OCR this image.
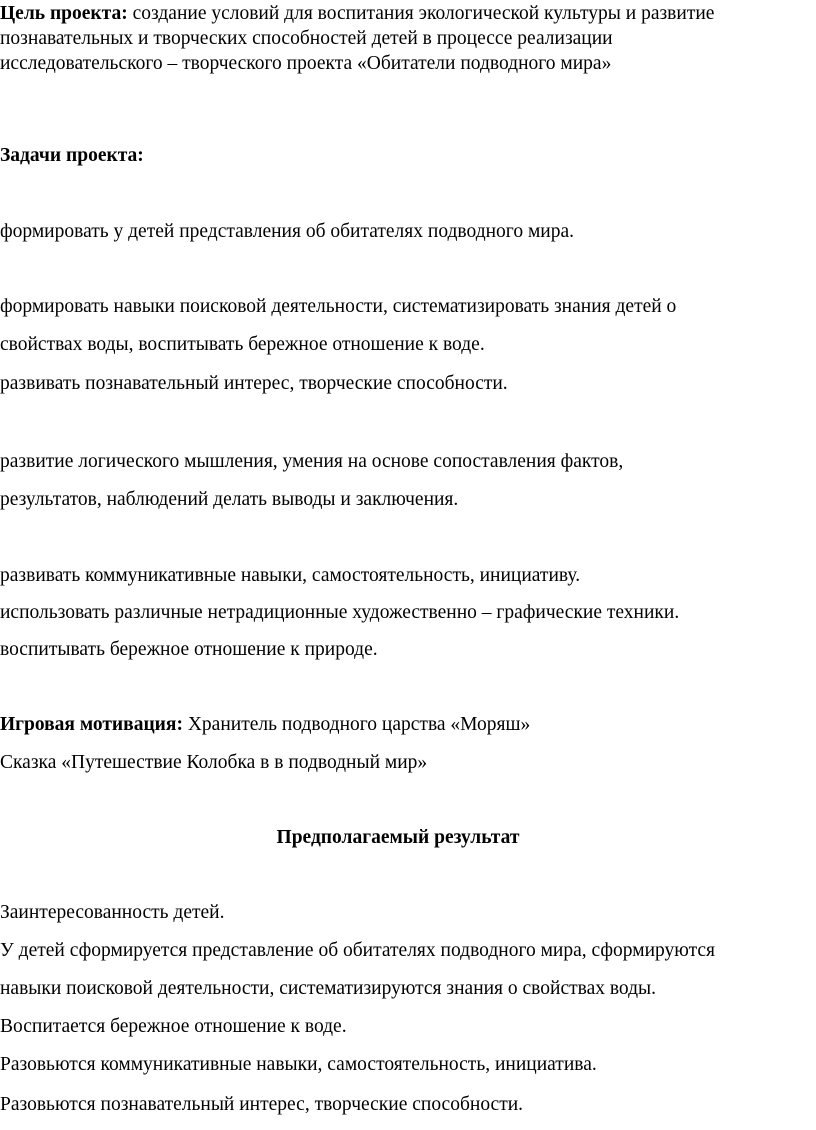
Цель проекта: создание условий для воспитания экологической культуры и развитие
познавательных и творческих способностей детей в процессе реализации
исследовательского – творческого проекта «Обитатели подводного мира»
Задачи проекта:
формировать у детей представления об обитателях подводного мира.
формировать навыки поисковой деятельности, систематизировать знания детей о
свойствах воды, воспитывать бережное отношение к воде.
развивать познавательный интерес, творческие способности.
развитие логического мышления, умения на основе сопоставления фактов,
результатов, наблюдений делать выводы и заключения.
развивать коммуникативные навыки, самостоятельность, инициативу.
использовать различные нетрадиционные художественно – графические техники.
воспитывать бережное отношение к природе.
Игровая мотивация: Хранитель подводного царства «Моряш»
Сказка «Путешествие Колобка в в подводный мир»
Предполагаемый результат
Заинтересованность детей.
У детей сформируется представление об обитателях подводного мира, сформируются
навыки поисковой деятельности, систематизируются знания о свойствах воды.
Воспитается бережное отношение к воде.
Разовьются коммуникативные навыки, самостоятельность, инициатива.
Разовьются познавательный интерес, творческие способности.
